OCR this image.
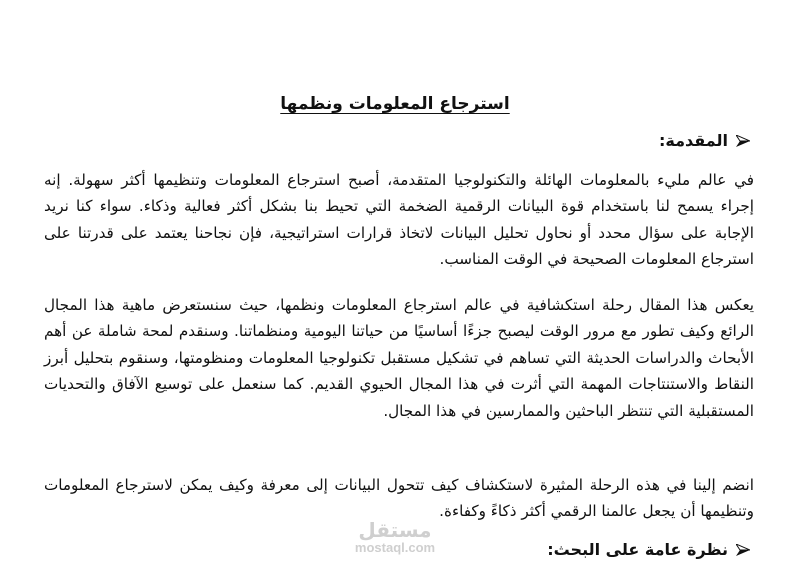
استرجاع المعلومات ونظمها
المقدمة:

في عالم مليء بالمعلومات الهائلة والتكنولوجيا المتقدمة، أصبح استرجاع المعلومات وتنظيمها أكثر سهولة. إنه إجراء يسمح لنا باستخدام قوة البيانات الرقمية الضخمة التي تحيط بنا بشكل أكثر فعالية وذكاء. سواء كنا نريد الإجابة على سؤال محدد أو نحاول تحليل البيانات لاتخاذ قرارات استراتيجية، فإن نجاحنا يعتمد على قدرتنا على استرجاع المعلومات الصحيحة في الوقت المناسب.

يعكس هذا المقال رحلة استكشافية في عالم استرجاع المعلومات ونظمها، حيث سنستعرض ماهية هذا المجال الرائع وكيف تطور مع مرور الوقت ليصبح جزءًا أساسيًا من حياتنا اليومية ومنظماتنا. وسنقدم لمحة شاملة عن أهم الأبحاث والدراسات الحديثة التي تساهم في تشكيل مستقبل تكنولوجيا المعلومات ومنظومتها، وسنقوم بتحليل أبرز النقاط والاستنتاجات المهمة التي أثرت في هذا المجال الحيوي القديم. كما سنعمل على توسيع الآفاق والتحديات المستقبلية التي تنتظر الباحثين والممارسين في هذا المجال.

انضم إلينا في هذه الرحلة المثيرة لاستكشاف كيف تتحول البيانات إلى معرفة وكيف يمكن لاسترجاع المعلومات وتنظيمها أن يجعل عالمنا الرقمي أكثر ذكاءً وكفاءة.

نظرة عامة على البحث:
مستقل
mostaql.com
